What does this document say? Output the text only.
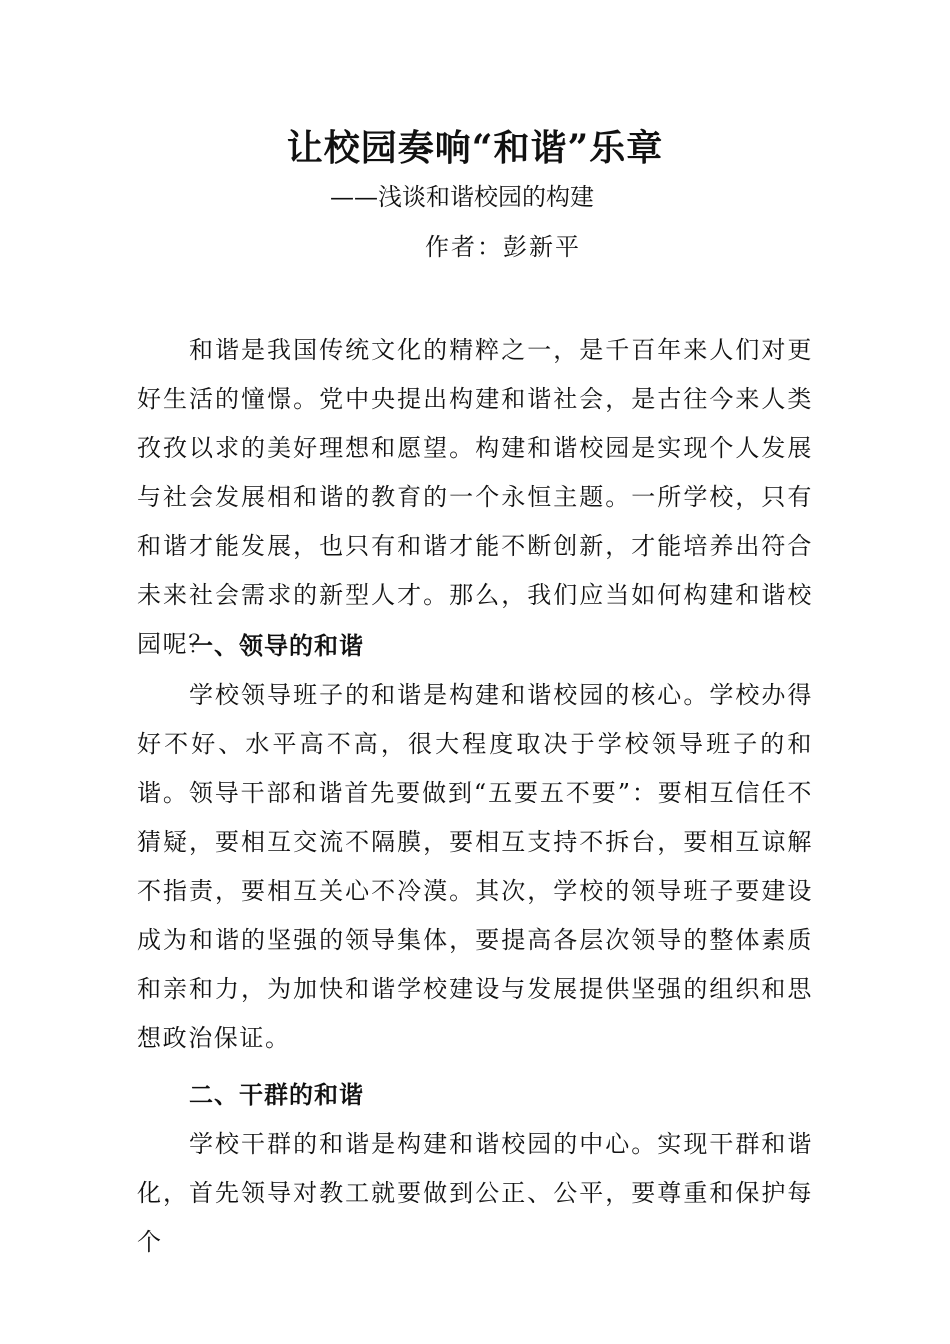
让校园奏响“和谐”乐章
——浅谈和谐校园的构建
作者：彭新平

和谐是我国传统文化的精粹之一，是千百年来人们对更好生活的憧憬。党中央提出构建和谐社会，是古往今来人类孜孜以求的美好理想和愿望。构建和谐校园是实现个人发展与社会发展相和谐的教育的一个永恒主题。一所学校，只有和谐才能发展，也只有和谐才能不断创新，才能培养出符合未来社会需求的新型人才。那么，我们应当如何构建和谐校园呢？

一、领导的和谐

学校领导班子的和谐是构建和谐校园的核心。学校办得好不好、水平高不高，很大程度取决于学校领导班子的和谐。领导干部和谐首先要做到“五要五不要”：要相互信任不猜疑，要相互交流不隔膜，要相互支持不拆台，要相互谅解不指责，要相互关心不冷漠。其次，学校的领导班子要建设成为和谐的坚强的领导集体，要提高各层次领导的整体素质和亲和力，为加快和谐学校建设与发展提供坚强的组织和思想政治保证。

二、干群的和谐

学校干群的和谐是构建和谐校园的中心。实现干群和谐化，首先领导对教工就要做到公正、公平，要尊重和保护每个
